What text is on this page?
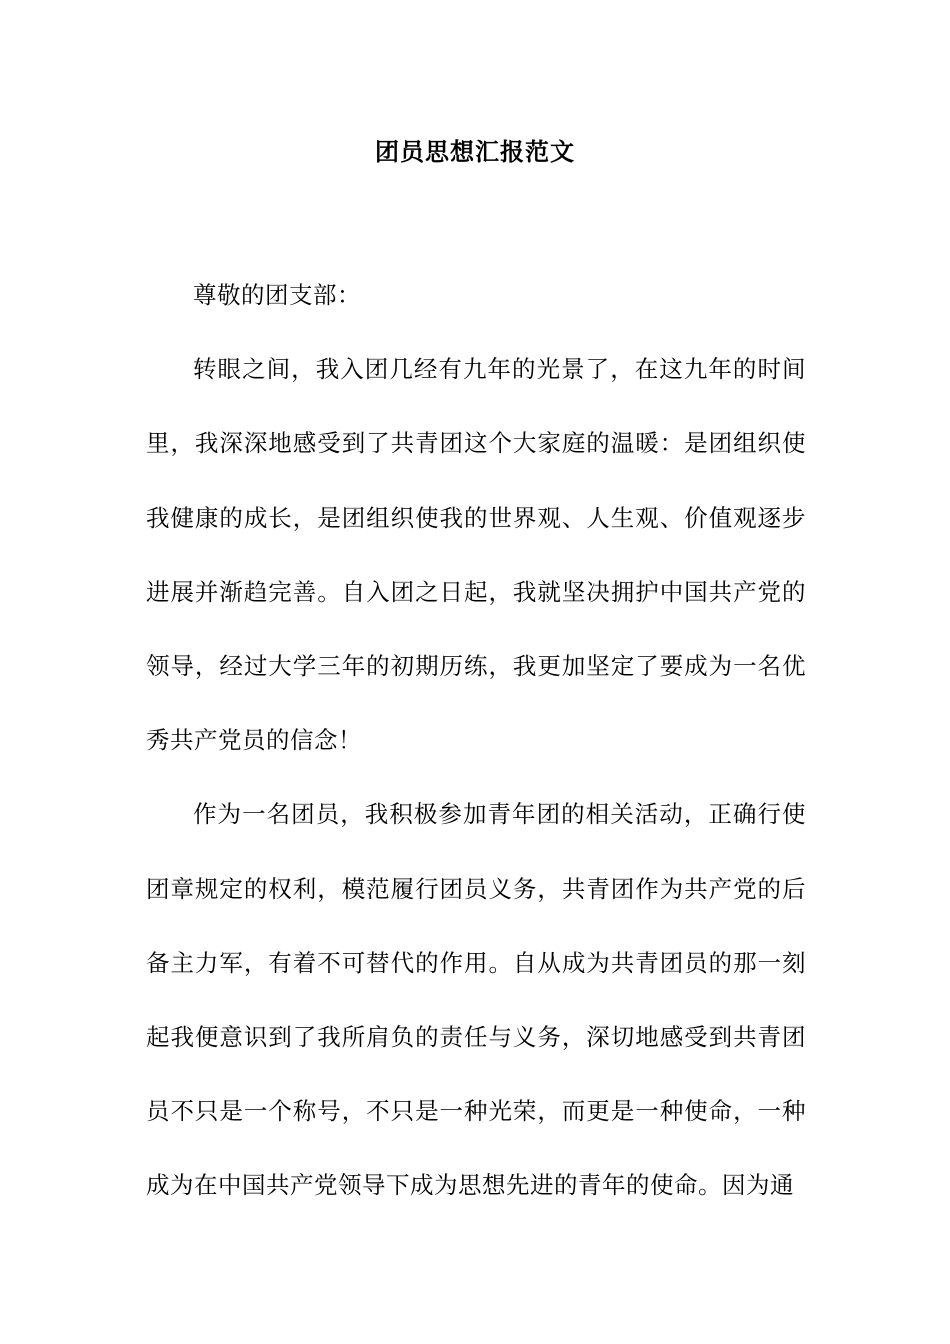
团员思想汇报范文

尊敬的团支部：

转眼之间，我入团几经有九年的光景了，在这九年的时间里，我深深地感受到了共青团这个大家庭的温暖：是团组织使我健康的成长，是团组织使我的世界观、人生观、价值观逐步进展并渐趋完善。自入团之日起，我就坚决拥护中国共产党的领导，经过大学三年的初期历练，我更加坚定了要成为一名优秀共产党员的信念！

作为一名团员，我积极参加青年团的相关活动，正确行使团章规定的权利，模范履行团员义务，共青团作为共产党的后备主力军，有着不可替代的作用。自从成为共青团员的那一刻起我便意识到了我所肩负的责任与义务，深切地感受到共青团员不只是一个称号，不只是一种光荣，而更是一种使命，一种成为在中国共产党领导下成为思想先进的青年的使命。因为通
